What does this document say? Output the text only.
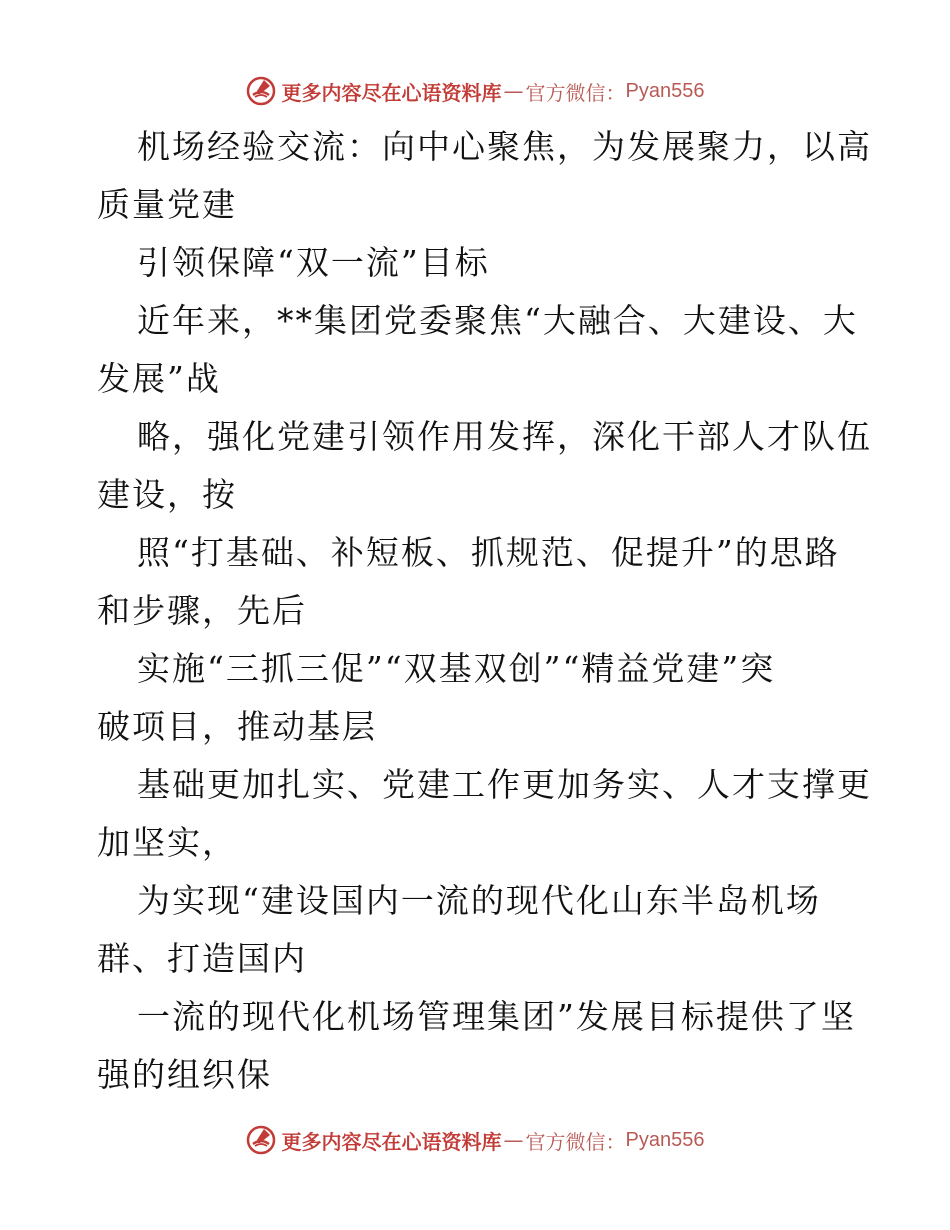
更多内容尽在心语资料库 — 官方微信： Pyan556
机场经验交流：向中心聚焦，为发展聚力，以高
质量党建
引领保障“双一流”目标
近年来，**集团党委聚焦“大融合、大建设、大
发展”战
略，强化党建引领作用发挥，深化干部人才队伍
建设，按
照“打基础、补短板、抓规范、促提升”的思路
和步骤，先后
实施“三抓三促”“双基双创”“精益党建”突
破项目，推动基层
基础更加扎实、党建工作更加务实、人才支撑更
加坚实，
为实现“建设国内一流的现代化山东半岛机场
群、打造国内
一流的现代化机场管理集团”发展目标提供了坚
强的组织保
更多内容尽在心语资料库 — 官方微信： Pyan556
